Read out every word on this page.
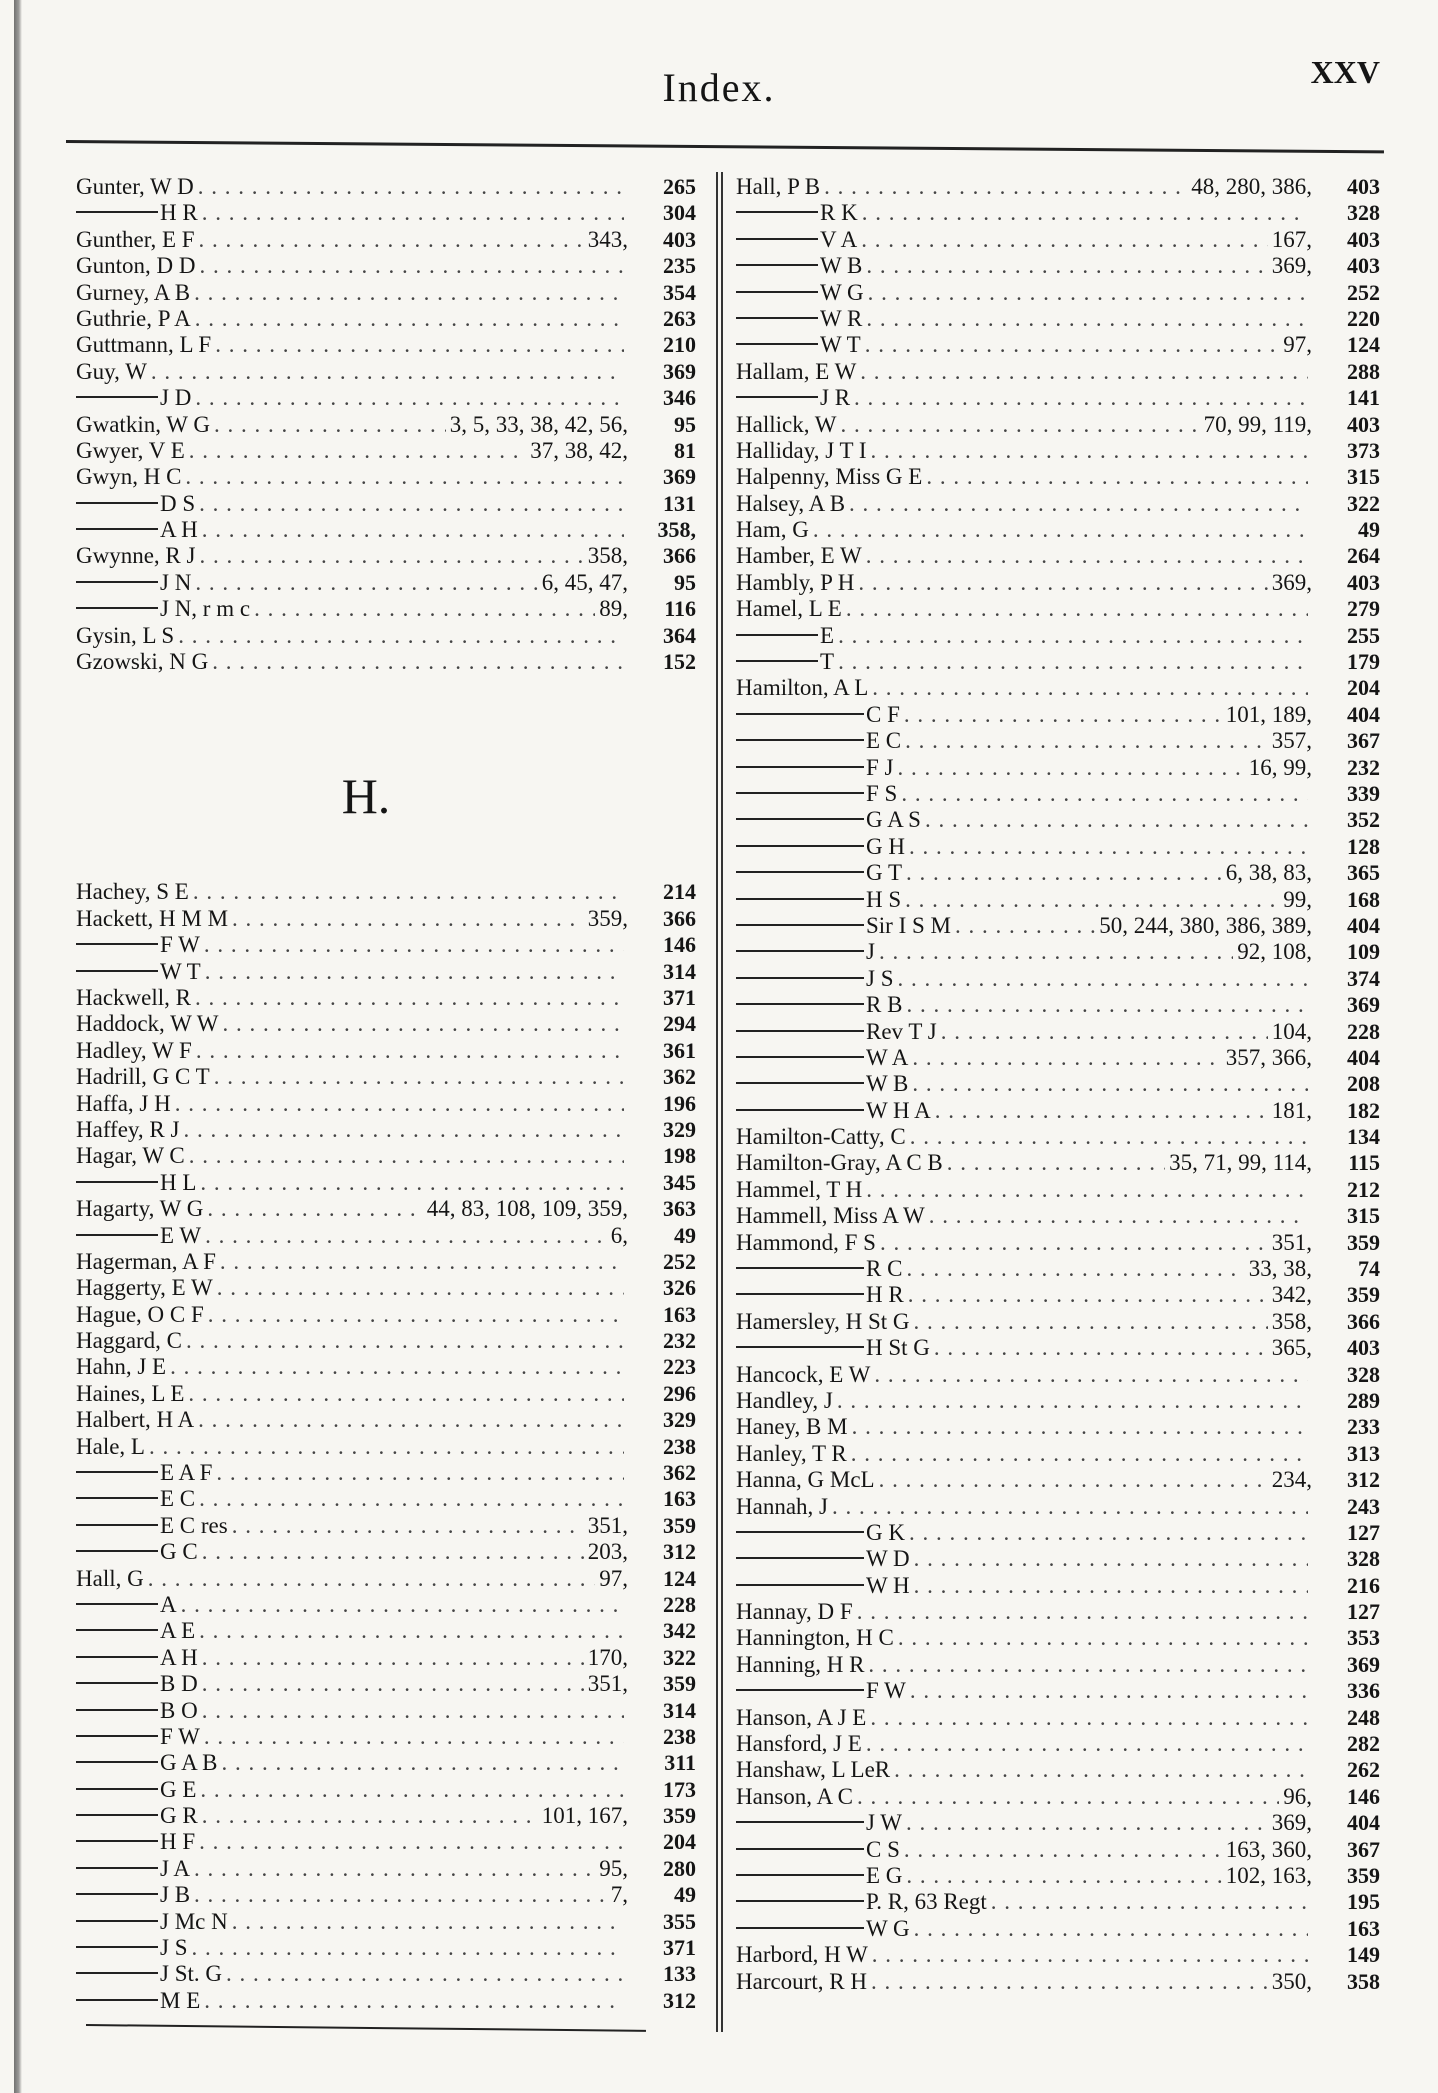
Index.	XXV
Gunter, W D . . .	265
H R . . .	304
Gunther, E F . . .	343,	403
Gunton, D D . . .	235
Gurney, A B . . .	354
Guthrie, P A . . .	263
Guttmann, L F . . .	210
Guy, W . . .	369
J D . . .	346
Gwatkin, W G . . .	3, 5, 33, 38, 42, 56,	95
Gwyer, V E . . .	37, 38, 42,	81
Gwyn, H C . . .	369
D S . . .	131
A H . . .	358,
Gwynne, R J . . .	358,	366
J N . . .	6, 45, 47,	95
J N, r m c . . .	89,	116
Gysin, L S . . .	364
Gzowski, N G . . .	152
H.
Hachey, S E . . .	214
Hackett, H M M . . .	359,	366
F W . . .	146
W T . . .	314
Hackwell, R . . .	371
Haddock, W W . . .	294
Hadley, W F . . .	361
Hadrill, G C T . . .	362
Haffa, J H . . .	196
Haffey, R J . . .	329
Hagar, W C . . .	198
H L . . .	345
Hagarty, W G . . .	44, 83, 108, 109, 359,	363
E W . . .	6,	49
Hagerman, A F . . .	252
Haggerty, E W . . .	326
Hague, O C F . . .	163
Haggard, C . . .	232
Hahn, J E . . .	223
Haines, L E . . .	296
Halbert, H A . . .	329
Hale, L . . .	238
E A F . . .	362
E C . . .	163
E C res . . .	351,	359
G C . . .	203,	312
Hall, G . . .	97,	124
A . . .	228
A E . . .	342
A H . . .	170,	322
B D . . .	351,	359
B O . . .	314
F W . . .	238
G A B . . .	311
G E . . .	173
G R . . .	101, 167,	359
H F . . .	204
J A . . .	95,	280
J B . . .	7,	49
J Mc N . . .	355
J S . . .	371
J St. G . . .	133
M E . . .	312
Hall, P B . . .	48, 280, 386,	403
R K . . .	328
V A . . .	167,	403
W B . . .	369,	403
W G . . .	252
W R . . .	220
W T . . .	97,	124
Hallam, E W . . .	288
J R . . .	141
Hallick, W . . .	70, 99, 119,	403
Halliday, J T I . . .	373
Halpenny, Miss G E . . .	315
Halsey, A B . . .	322
Ham, G . . .	49
Hamber, E W . . .	264
Hambly, P H . . .	369,	403
Hamel, L E . . .	279
E . . .	255
T . . .	179
Hamilton, A L . . .	204
C F . . .	101, 189,	404
E C . . .	357,	367
F J . . .	16, 99,	232
F S . . .	339
G A S . . .	352
G H . . .	128
G T . . .	6, 38, 83,	365
H S . . .	99,	168
Sir I S M . . .	50, 244, 380, 386, 389,	404
J . . .	92, 108,	109
J S . . .	374
R B . . .	369
Rev T J . . .	104,	228
W A . . .	357, 366,	404
W B . . .	208
W H A . . .	181,	182
Hamilton-Catty, C . . .	134
Hamilton-Gray, A C B . . .	35, 71, 99, 114,	115
Hammel, T H . . .	212
Hammell, Miss A W . . .	315
Hammond, F S . . .	351,	359
R C . . .	33, 38,	74
H R . . .	342,	359
Hamersley, H St G . . .	358,	366
H St G . . .	365,	403
Hancock, E W . . .	328
Handley, J . . .	289
Haney, B M . . .	233
Hanley, T R . . .	313
Hanna, G McL . . .	234,	312
Hannah, J . . .	243
G K . . .	127
W D . . .	328
W H . . .	216
Hannay, D F . . .	127
Hannington, H C . . .	353
Hanning, H R . . .	369
F W . . .	336
Hanson, A J E . . .	248
Hansford, J E . . .	282
Hanshaw, L LeR . . .	262
Hanson, A C . . .	96,	146
J W . . .	369,	404
C S . . .	163, 360,	367
E G . . .	102, 163,	359
P. R, 63 Regt . . .	195
W G . . .	163
Harbord, H W . . .	149
Harcourt, R H . . .	350,	358
